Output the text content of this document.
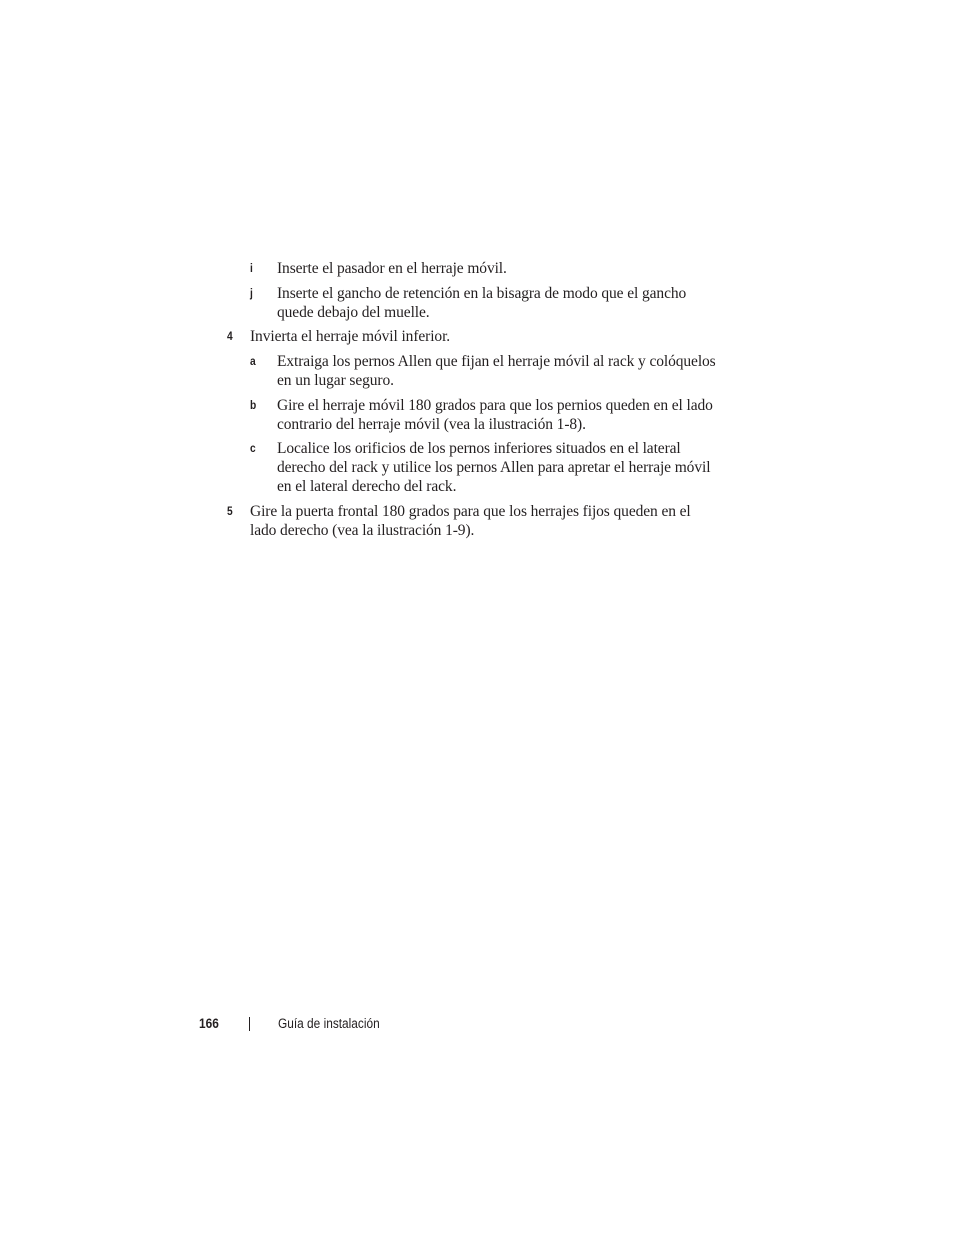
i Inserte el pasador en el herraje móvil.
j Inserte el gancho de retención en la bisagra de modo que el gancho
quede debajo del muelle.
4 Invierta el herraje móvil inferior.
a Extraiga los pernos Allen que fijan el herraje móvil al rack y colóquelos
en un lugar seguro.
b Gire el herraje móvil 180 grados para que los pernios queden en el lado
contrario del herraje móvil (vea la ilustración 1-8).
c Localice los orificios de los pernos inferiores situados en el lateral
derecho del rack y utilice los pernos Allen para apretar el herraje móvil
en el lateral derecho del rack.
5 Gire la puerta frontal 180 grados para que los herrajes fijos queden en el
lado derecho (vea la ilustración 1-9).
166	Guía de instalación
